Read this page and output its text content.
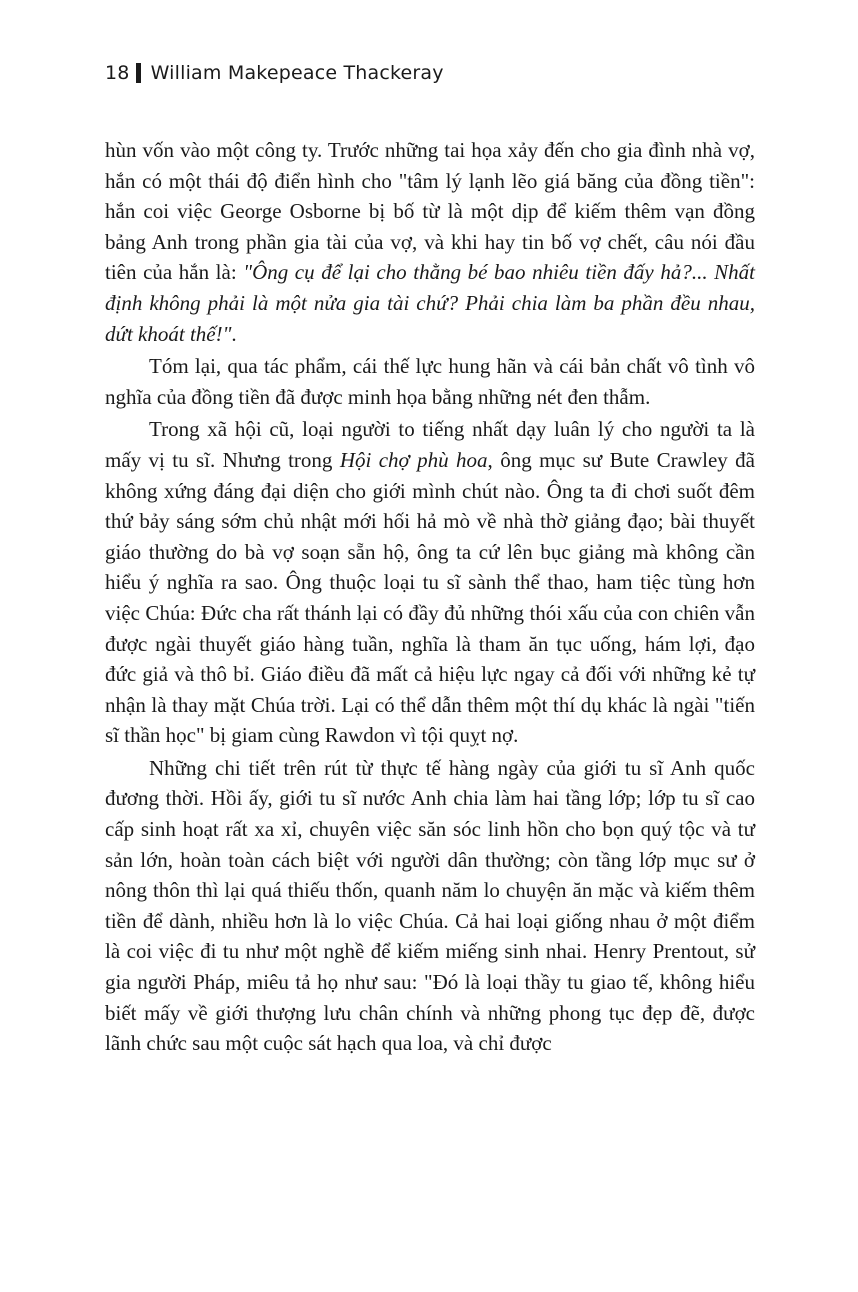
18 William Makepeace Thackeray

hùn vốn vào một công ty. Trước những tai họa xảy đến cho gia đình nhà vợ, hắn có một thái độ điển hình cho "tâm lý lạnh lẽo giá băng của đồng tiền": hắn coi việc George Osborne bị bố từ là một dịp để kiếm thêm vạn đồng bảng Anh trong phần gia tài của vợ, và khi hay tin bố vợ chết, câu nói đầu tiên của hắn là: "Ông cụ để lại cho thằng bé bao nhiêu tiền đấy hả?... Nhất định không phải là một nửa gia tài chứ? Phải chia làm ba phần đều nhau, dứt khoát thế!".

Tóm lại, qua tác phẩm, cái thế lực hung hãn và cái bản chất vô tình vô nghĩa của đồng tiền đã được minh họa bằng những nét đen thẫm.

Trong xã hội cũ, loại người to tiếng nhất dạy luân lý cho người ta là mấy vị tu sĩ. Nhưng trong Hội chợ phù hoa, ông mục sư Bute Crawley đã không xứng đáng đại diện cho giới mình chút nào. Ông ta đi chơi suốt đêm thứ bảy sáng sớm chủ nhật mới hối hả mò về nhà thờ giảng đạo; bài thuyết giáo thường do bà vợ soạn sẵn hộ, ông ta cứ lên bục giảng mà không cần hiểu ý nghĩa ra sao. Ông thuộc loại tu sĩ sành thể thao, ham tiệc tùng hơn việc Chúa: Đức cha rất thánh lại có đầy đủ những thói xấu của con chiên vẫn được ngài thuyết giáo hàng tuần, nghĩa là tham ăn tục uống, hám lợi, đạo đức giả và thô bỉ. Giáo điều đã mất cả hiệu lực ngay cả đối với những kẻ tự nhận là thay mặt Chúa trời. Lại có thể dẫn thêm một thí dụ khác là ngài "tiến sĩ thần học" bị giam cùng Rawdon vì tội quỵt nợ.

Những chi tiết trên rút từ thực tế hàng ngày của giới tu sĩ Anh quốc đương thời. Hồi ấy, giới tu sĩ nước Anh chia làm hai tầng lớp; lớp tu sĩ cao cấp sinh hoạt rất xa xỉ, chuyên việc săn sóc linh hồn cho bọn quý tộc và tư sản lớn, hoàn toàn cách biệt với người dân thường; còn tầng lớp mục sư ở nông thôn thì lại quá thiếu thốn, quanh năm lo chuyện ăn mặc và kiếm thêm tiền để dành, nhiều hơn là lo việc Chúa. Cả hai loại giống nhau ở một điểm là coi việc đi tu như một nghề để kiếm miếng sinh nhai. Henry Prentout, sử gia người Pháp, miêu tả họ như sau: "Đó là loại thầy tu giao tế, không hiểu biết mấy về giới thượng lưu chân chính và những phong tục đẹp đẽ, được lãnh chức sau một cuộc sát hạch qua loa, và chỉ được
